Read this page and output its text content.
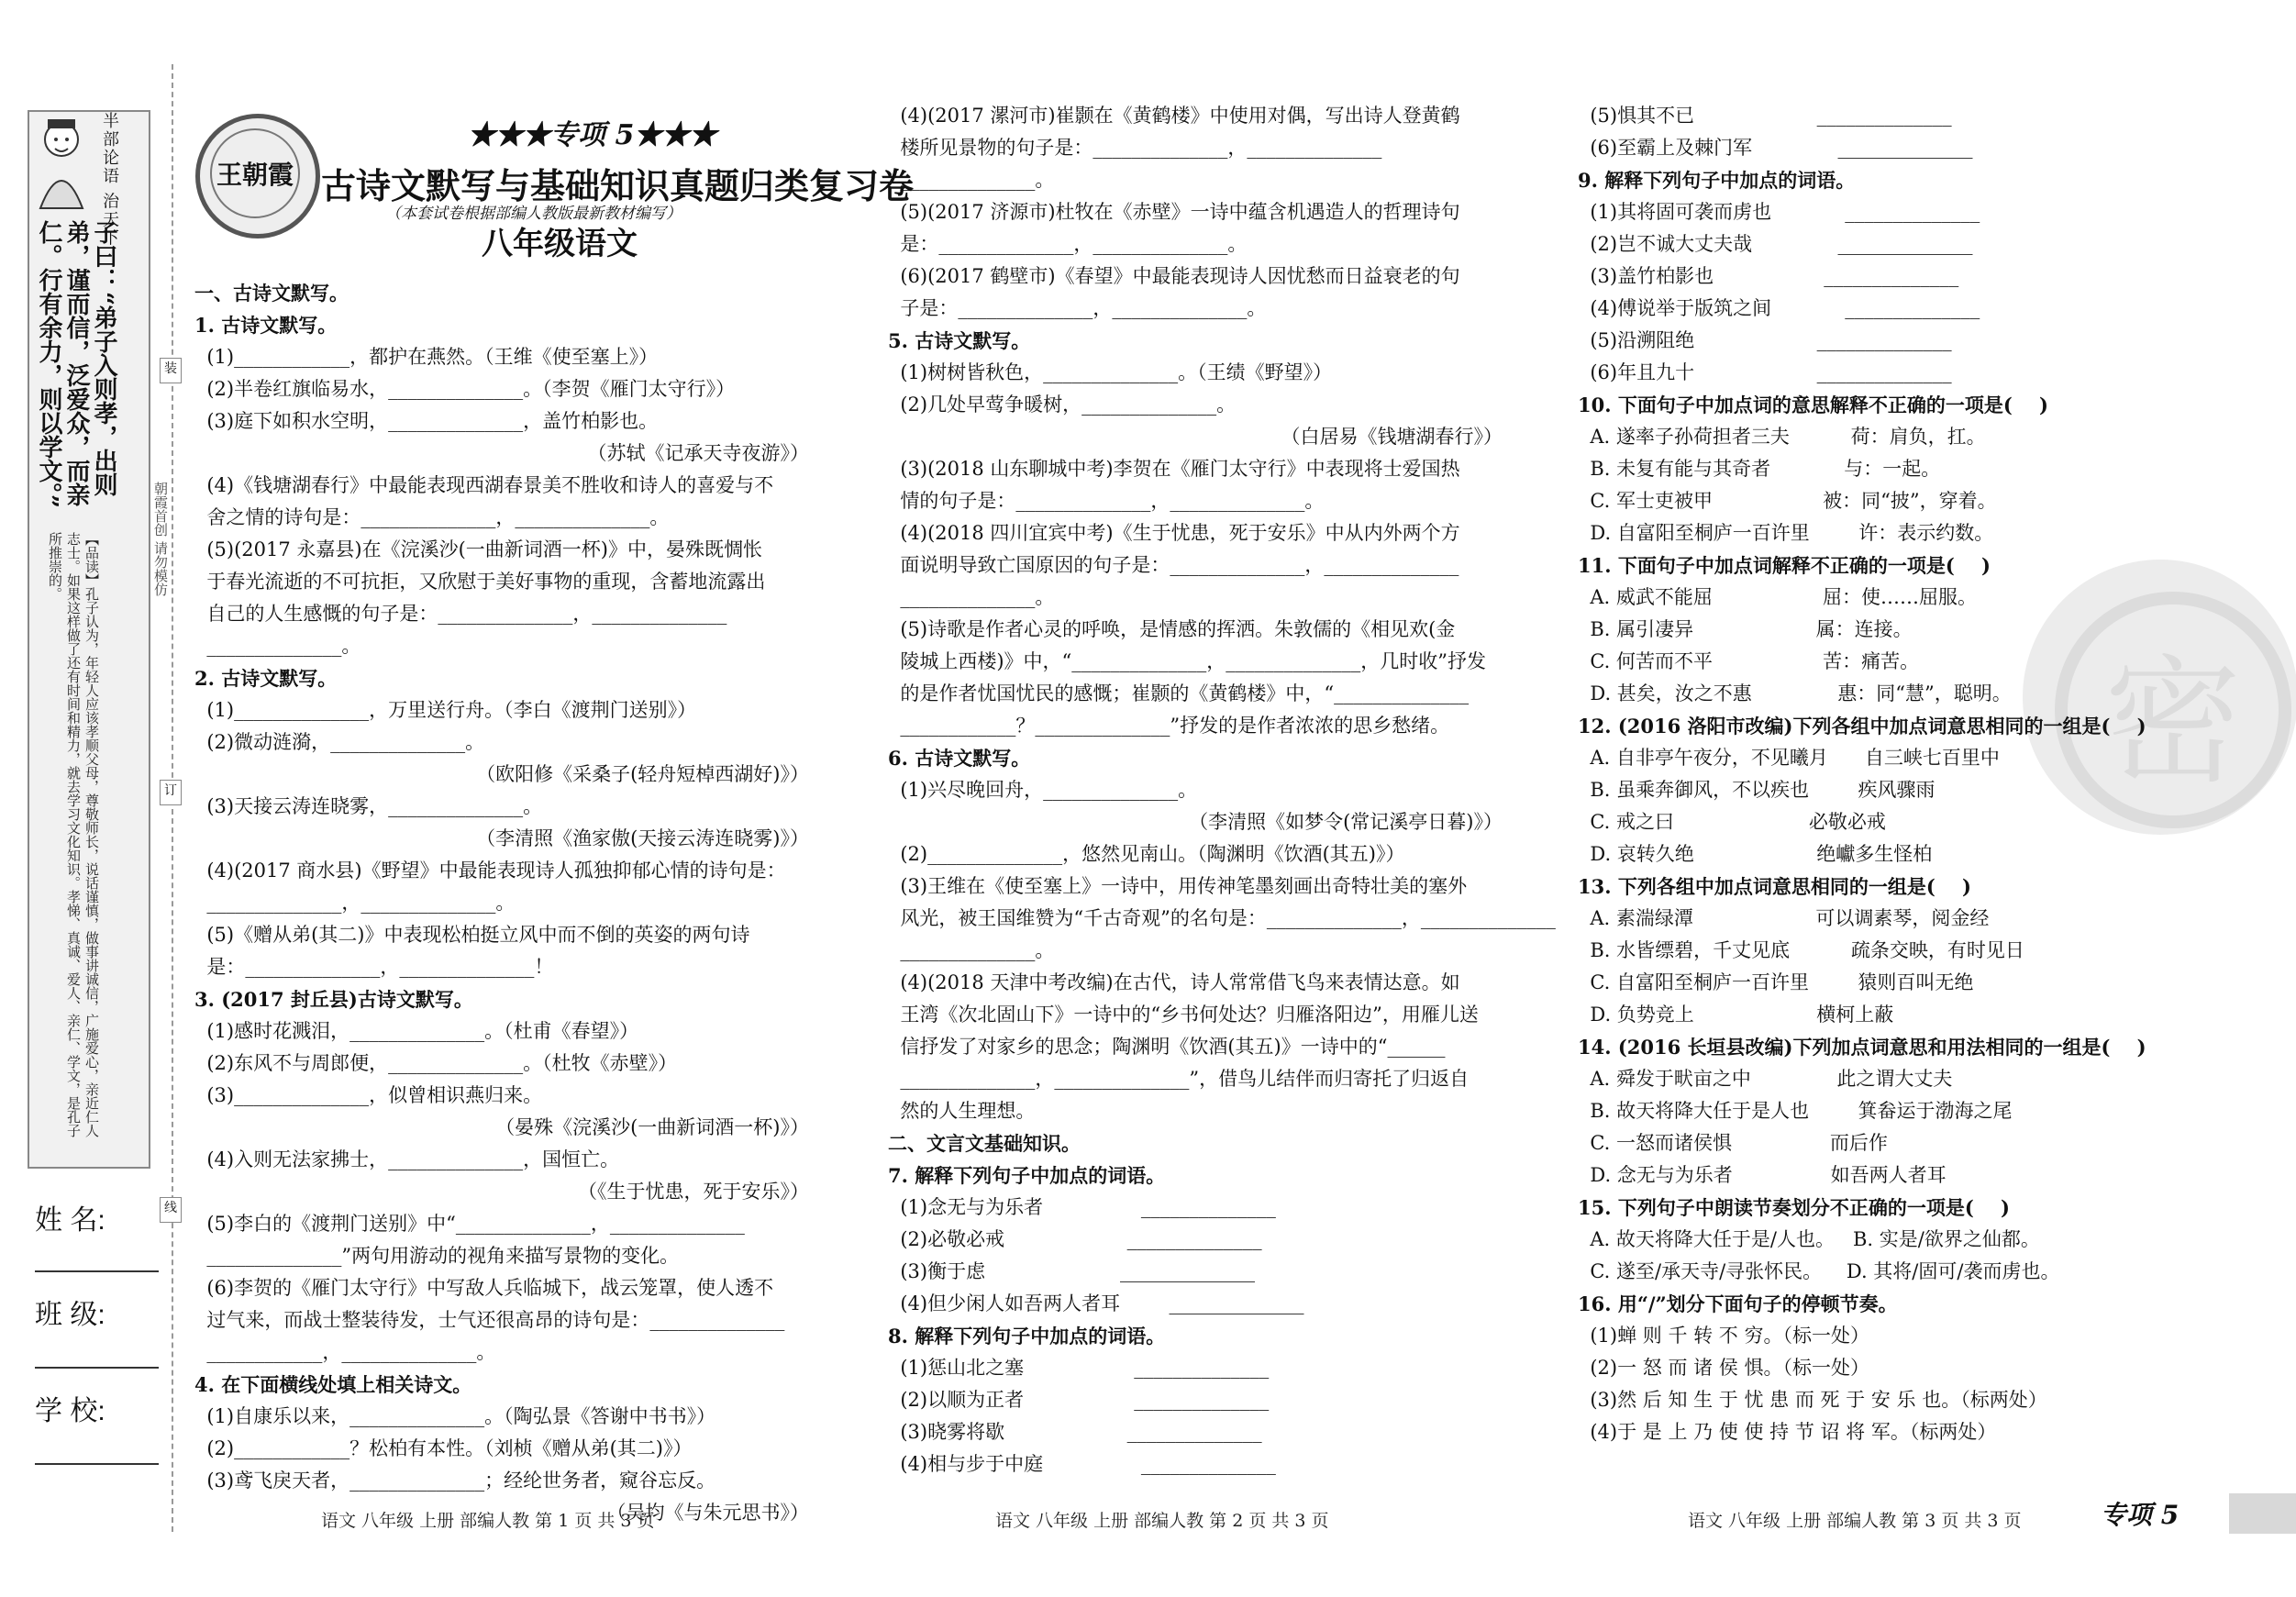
半部论语 治天下
子曰：“弟子入则孝，出则弟，谨而信，泛爱众，而亲仁。行有余力，则以学文。”
【品读】孔子认为，年轻人应该孝顺父母，尊敬师长，说话谨慎，做事讲诚信，广施爱心，亲近仁人志士。如果这样做了还有时间和精力，就去学习文化知识。孝悌、真诚、爱人、亲仁、学文，是孔子所推崇的。
装
订
线
朝霞首创 请勿模仿
姓 名:
班 级:
学 校:
王朝霞
★★★专项 5★★★
古诗文默写与基础知识真题归类复习卷
（本套试卷根据部编人教版最新教材编写）
八年级语文
密
一、古诗文默写。
1. 古诗文默写。
(1)____________，都护在燕然。（王维《使至塞上》）
(2)半卷红旗临易水，______________。（李贺《雁门太守行》）
(3)庭下如积水空明，______________，盖竹柏影也。
（苏轼《记承天寺夜游》）
(4)《钱塘湖春行》中最能表现西湖春景美不胜收和诗人的喜爱与不
舍之情的诗句是：______________，______________。
(5)(2017 永嘉县)在《浣溪沙(一曲新词酒一杯)》中，晏殊既惆怅
于春光流逝的不可抗拒，又欣慰于美好事物的重现，含蓄地流露出
自己的人生感慨的句子是：______________，______________
______________。
2. 古诗文默写。
(1)______________，万里送行舟。（李白《渡荆门送别》）
(2)微动涟漪，______________。
（欧阳修《采桑子(轻舟短棹西湖好)》）
(3)天接云涛连晓雾，______________。
（李清照《渔家傲(天接云涛连晓雾)》）
(4)(2017 商水县)《野望》中最能表现诗人孤独抑郁心情的诗句是：
______________，______________。
(5)《赠从弟(其二)》中表现松柏挺立风中而不倒的英姿的两句诗
是：______________，______________！
3. (2017 封丘县)古诗文默写。
(1)感时花溅泪，______________。（杜甫《春望》）
(2)东风不与周郎便，______________。（杜牧《赤壁》）
(3)______________，似曾相识燕归来。
（晏殊《浣溪沙(一曲新词酒一杯)》）
(4)入则无法家拂士，______________，国恒亡。
（《生于忧患，死于安乐》）
(5)李白的《渡荆门送别》中“______________，______________
______________”两句用游动的视角来描写景物的变化。
(6)李贺的《雁门太守行》中写敌人兵临城下，战云笼罩，使人透不
过气来，而战士整装待发，士气还很高昂的诗句是：______________
____________，______________。
4. 在下面横线处填上相关诗文。
(1)自康乐以来，______________。（陶弘景《答谢中书书》）
(2)____________？松柏有本性。（刘桢《赠从弟(其二)》）
(3)鸢飞戾天者，______________；经纶世务者，窥谷忘反。
（吴均《与朱元思书》）
(4)(2017 漯河市)崔颢在《黄鹤楼》中使用对偶，写出诗人登黄鹤
楼所见景物的句子是：______________，______________
______________。
(5)(2017 济源市)杜牧在《赤壁》一诗中蕴含机遇造人的哲理诗句
是：______________，______________。
(6)(2017 鹤壁市)《春望》中最能表现诗人因忧愁而日益衰老的句
子是：______________，______________。
5. 古诗文默写。
(1)树树皆秋色，______________。（王绩《野望》）
(2)几处早莺争暖树，______________。
（白居易《钱塘湖春行》）
(3)(2018 山东聊城中考)李贺在《雁门太守行》中表现将士爱国热
情的句子是：______________，______________。
(4)(2018 四川宜宾中考)《生于忧患，死于安乐》中从内外两个方
面说明导致亡国原因的句子是：______________，______________
______________。
(5)诗歌是作者心灵的呼唤，是情感的挥洒。朱敦儒的《相见欢(金
陵城上西楼)》中，“______________，______________，几时收”抒发
的是作者忧国忧民的感慨；崔颢的《黄鹤楼》中，“______________
____________？______________”抒发的是作者浓浓的思乡愁绪。
6. 古诗文默写。
(1)兴尽晚回舟，______________。
（李清照《如梦令(常记溪亭日暮)》）
(2)______________，悠然见南山。（陶渊明《饮酒(其五)》）
(3)王维在《使至塞上》一诗中，用传神笔墨刻画出奇特壮美的塞外
风光，被王国维赞为“千古奇观”的名句是：______________，______________
______________。
(4)(2018 天津中考改编)在古代，诗人常常借飞鸟来表情达意。如
王湾《次北固山下》一诗中的“乡书何处达？归雁洛阳边”，用雁儿送
信抒发了对家乡的思念；陶渊明《饮酒(其五)》一诗中的“______
______________，______________”，借鸟儿结伴而归寄托了归返自
然的人生理想。
二、文言文基础知识。
7. 解释下列句子中加点的词语。
(1)念无与为乐者                ______________
(2)必敬必戒                    ______________
(3)衡于虑                      ______________
(4)但少闲人如吾两人者耳        ______________
8. 解释下列句子中加点的词语。
(1)惩山北之塞                  ______________
(2)以顺为正者                  ______________
(3)晓雾将歇                    ______________
(4)相与步于中庭                ______________
(5)惧其不已                    ______________
(6)至霸上及棘门军              ______________
9. 解释下列句子中加点的词语。
(1)其将固可袭而虏也            ______________
(2)岂不诚大丈夫哉              ______________
(3)盖竹柏影也                  ______________
(4)傅说举于版筑之间            ______________
(5)沿溯阻绝                    ______________
(6)年且九十                    ______________
10. 下面句子中加点词的意思解释不正确的一项是(    )
A. 遂率子孙荷担者三夫          荷：肩负，扛。
B. 未复有能与其奇者            与：一起。
C. 军士吏被甲                  被：同“披”，穿着。
D. 自富阳至桐庐一百许里        许：表示约数。
11. 下面句子中加点词解释不正确的一项是(    )
A. 威武不能屈                  屈：使……屈服。
B. 属引凄异                    属：连接。
C. 何苦而不平                  苦：痛苦。
D. 甚矣，汝之不惠              惠：同“慧”，聪明。
12. (2016 洛阳市改编)下列各组中加点词意思相同的一组是(    )
A. 自非亭午夜分，不见曦月      自三峡七百里中
B. 虽乘奔御风，不以疾也        疾风骤雨
C. 戒之曰                      必敬必戒
D. 哀转久绝                    绝巘多生怪柏
13. 下列各组中加点词意思相同的一组是(    )
A. 素湍绿潭                    可以调素琴，阅金经
B. 水皆缥碧，千丈见底          疏条交映，有时见日
C. 自富阳至桐庐一百许里        猿则百叫无绝
D. 负势竞上                    横柯上蔽
14. (2016 长垣县改编)下列加点词意思和用法相同的一组是(    )
A. 舜发于畎亩之中              此之谓大丈夫
B. 故天将降大任于是人也        箕畚运于渤海之尾
C. 一怒而诸侯惧                而后作
D. 念无与为乐者                如吾两人者耳
15. 下列句子中朗读节奏划分不正确的一项是(    )
A. 故天将降大任于是/人也。   B. 实是/欲界之仙都。
C. 遂至/承天寺/寻张怀民。    D. 其将/固可/袭而虏也。
16. 用“/”划分下面句子的停顿节奏。
(1)蝉 则 千 转 不 穷。（标一处）
(2)一 怒 而 诸 侯 惧。（标一处）
(3)然 后 知 生 于 忧 患 而 死 于 安 乐 也。（标两处）
(4)于 是 上 乃 使 使 持 节 诏 将 军。（标两处）
语文 八年级 上册 部编人教 第 1 页 共 3 页	语文 八年级 上册 部编人教 第 2 页 共 3 页	语文 八年级 上册 部编人教 第 3 页 共 3 页	专项 5
